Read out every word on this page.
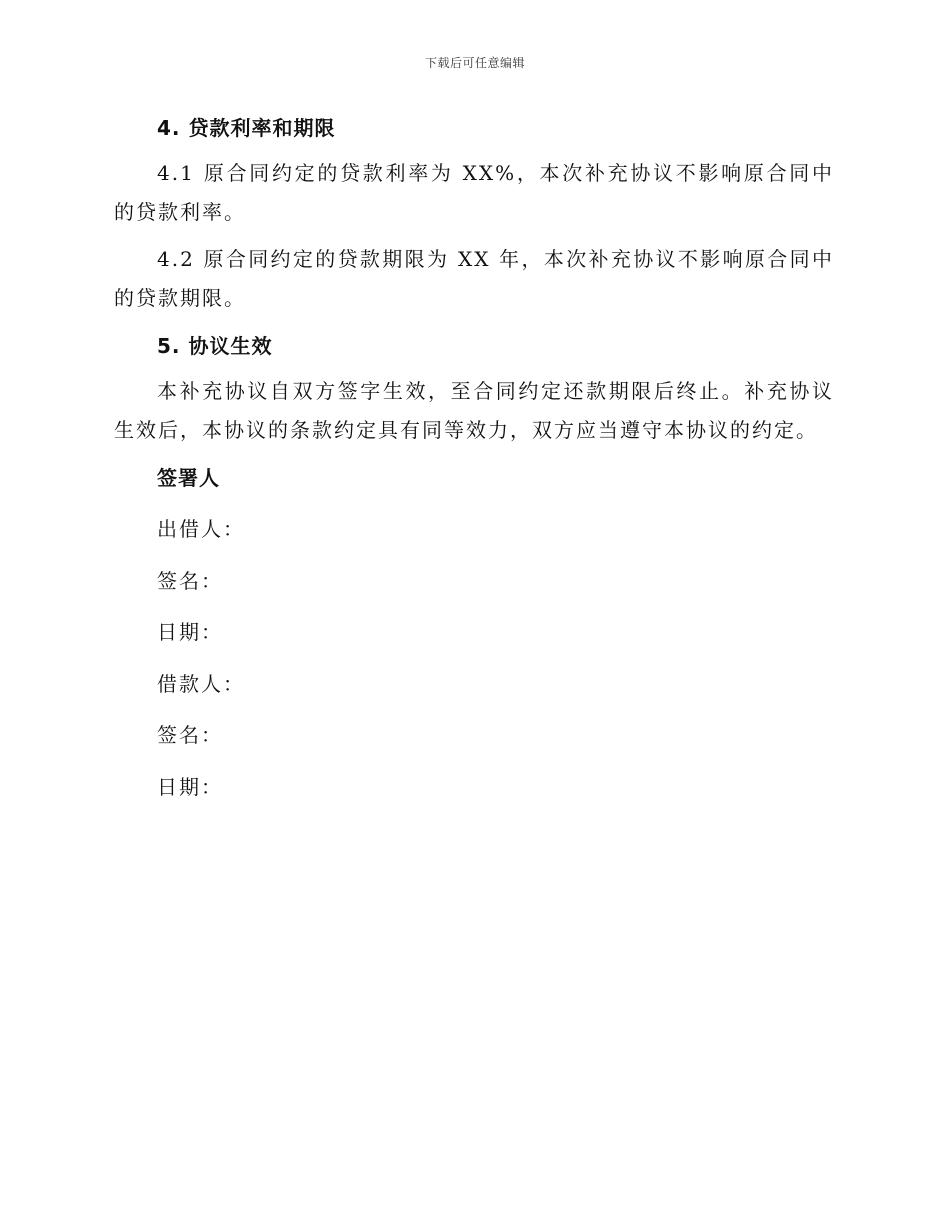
下载后可任意编辑
4. 贷款利率和期限

4.1 原合同约定的贷款利率为 XX%，本次补充协议不影响原合同中的贷款利率。

4.2 原合同约定的贷款期限为 XX 年，本次补充协议不影响原合同中的贷款期限。

5. 协议生效

本补充协议自双方签字生效，至合同约定还款期限后终止。补充协议生效后，本协议的条款约定具有同等效力，双方应当遵守本协议的约定。

签署人
出借人：
签名：
日期：
借款人：
签名：
日期：
